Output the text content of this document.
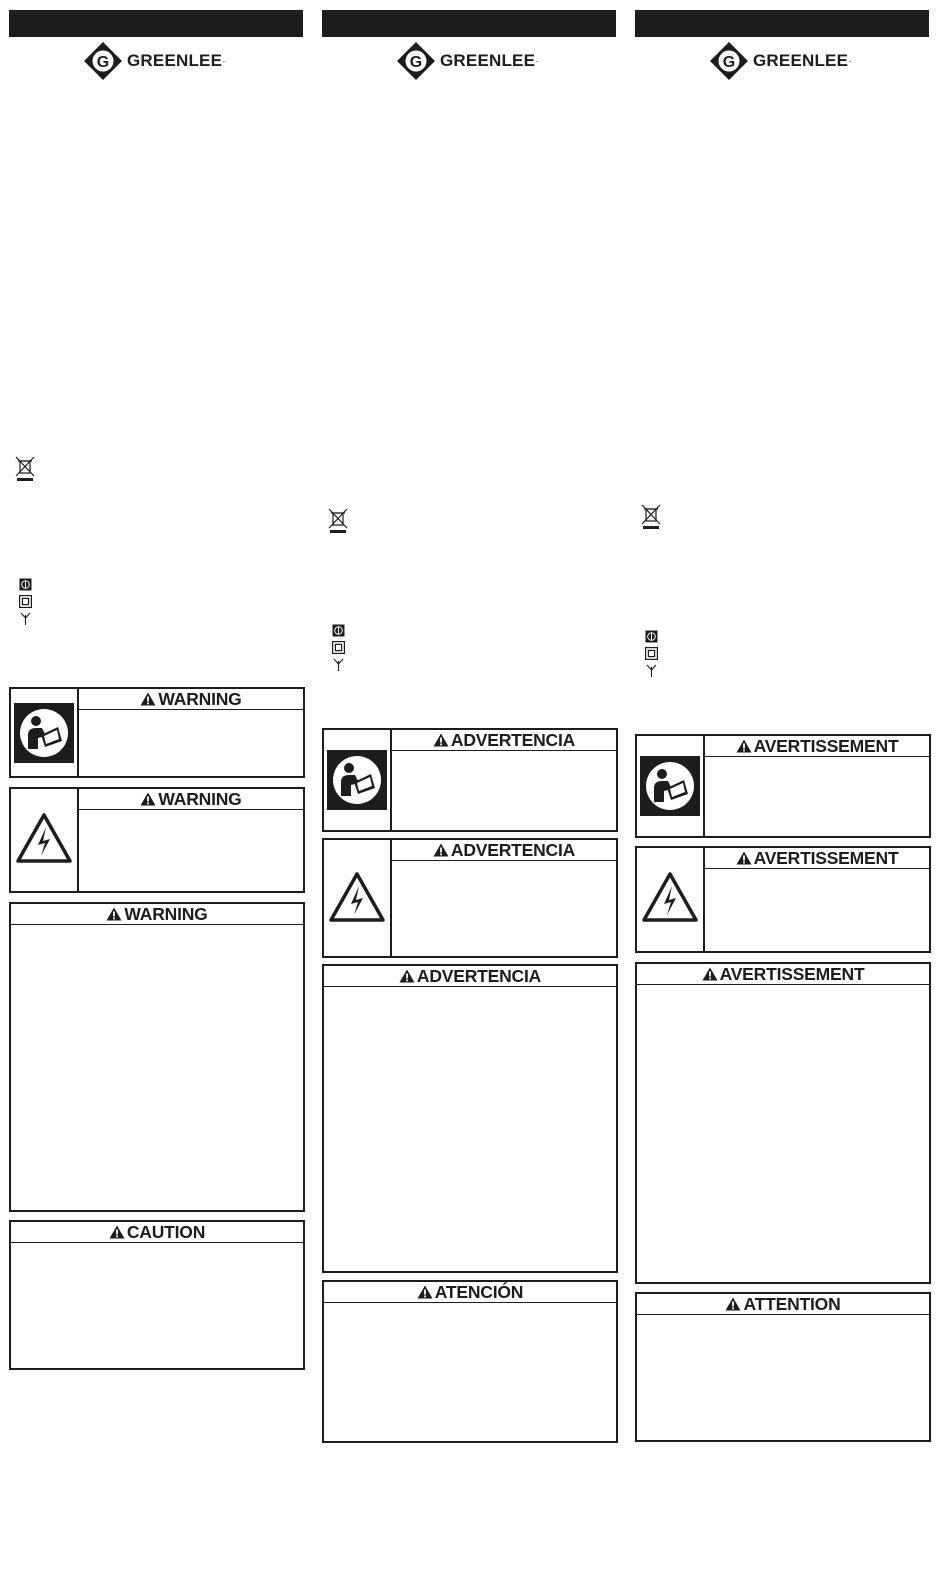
G GREENLEE .
WARNING
WARNING
WARNING
CAUTION
G GREENLEE .
ADVERTENCIA
ADVERTENCIA
ADVERTENCIA
ATENCIÓN
G GREENLEE .
AVERTISSEMENT
AVERTISSEMENT
AVERTISSEMENT
ATTENTION
